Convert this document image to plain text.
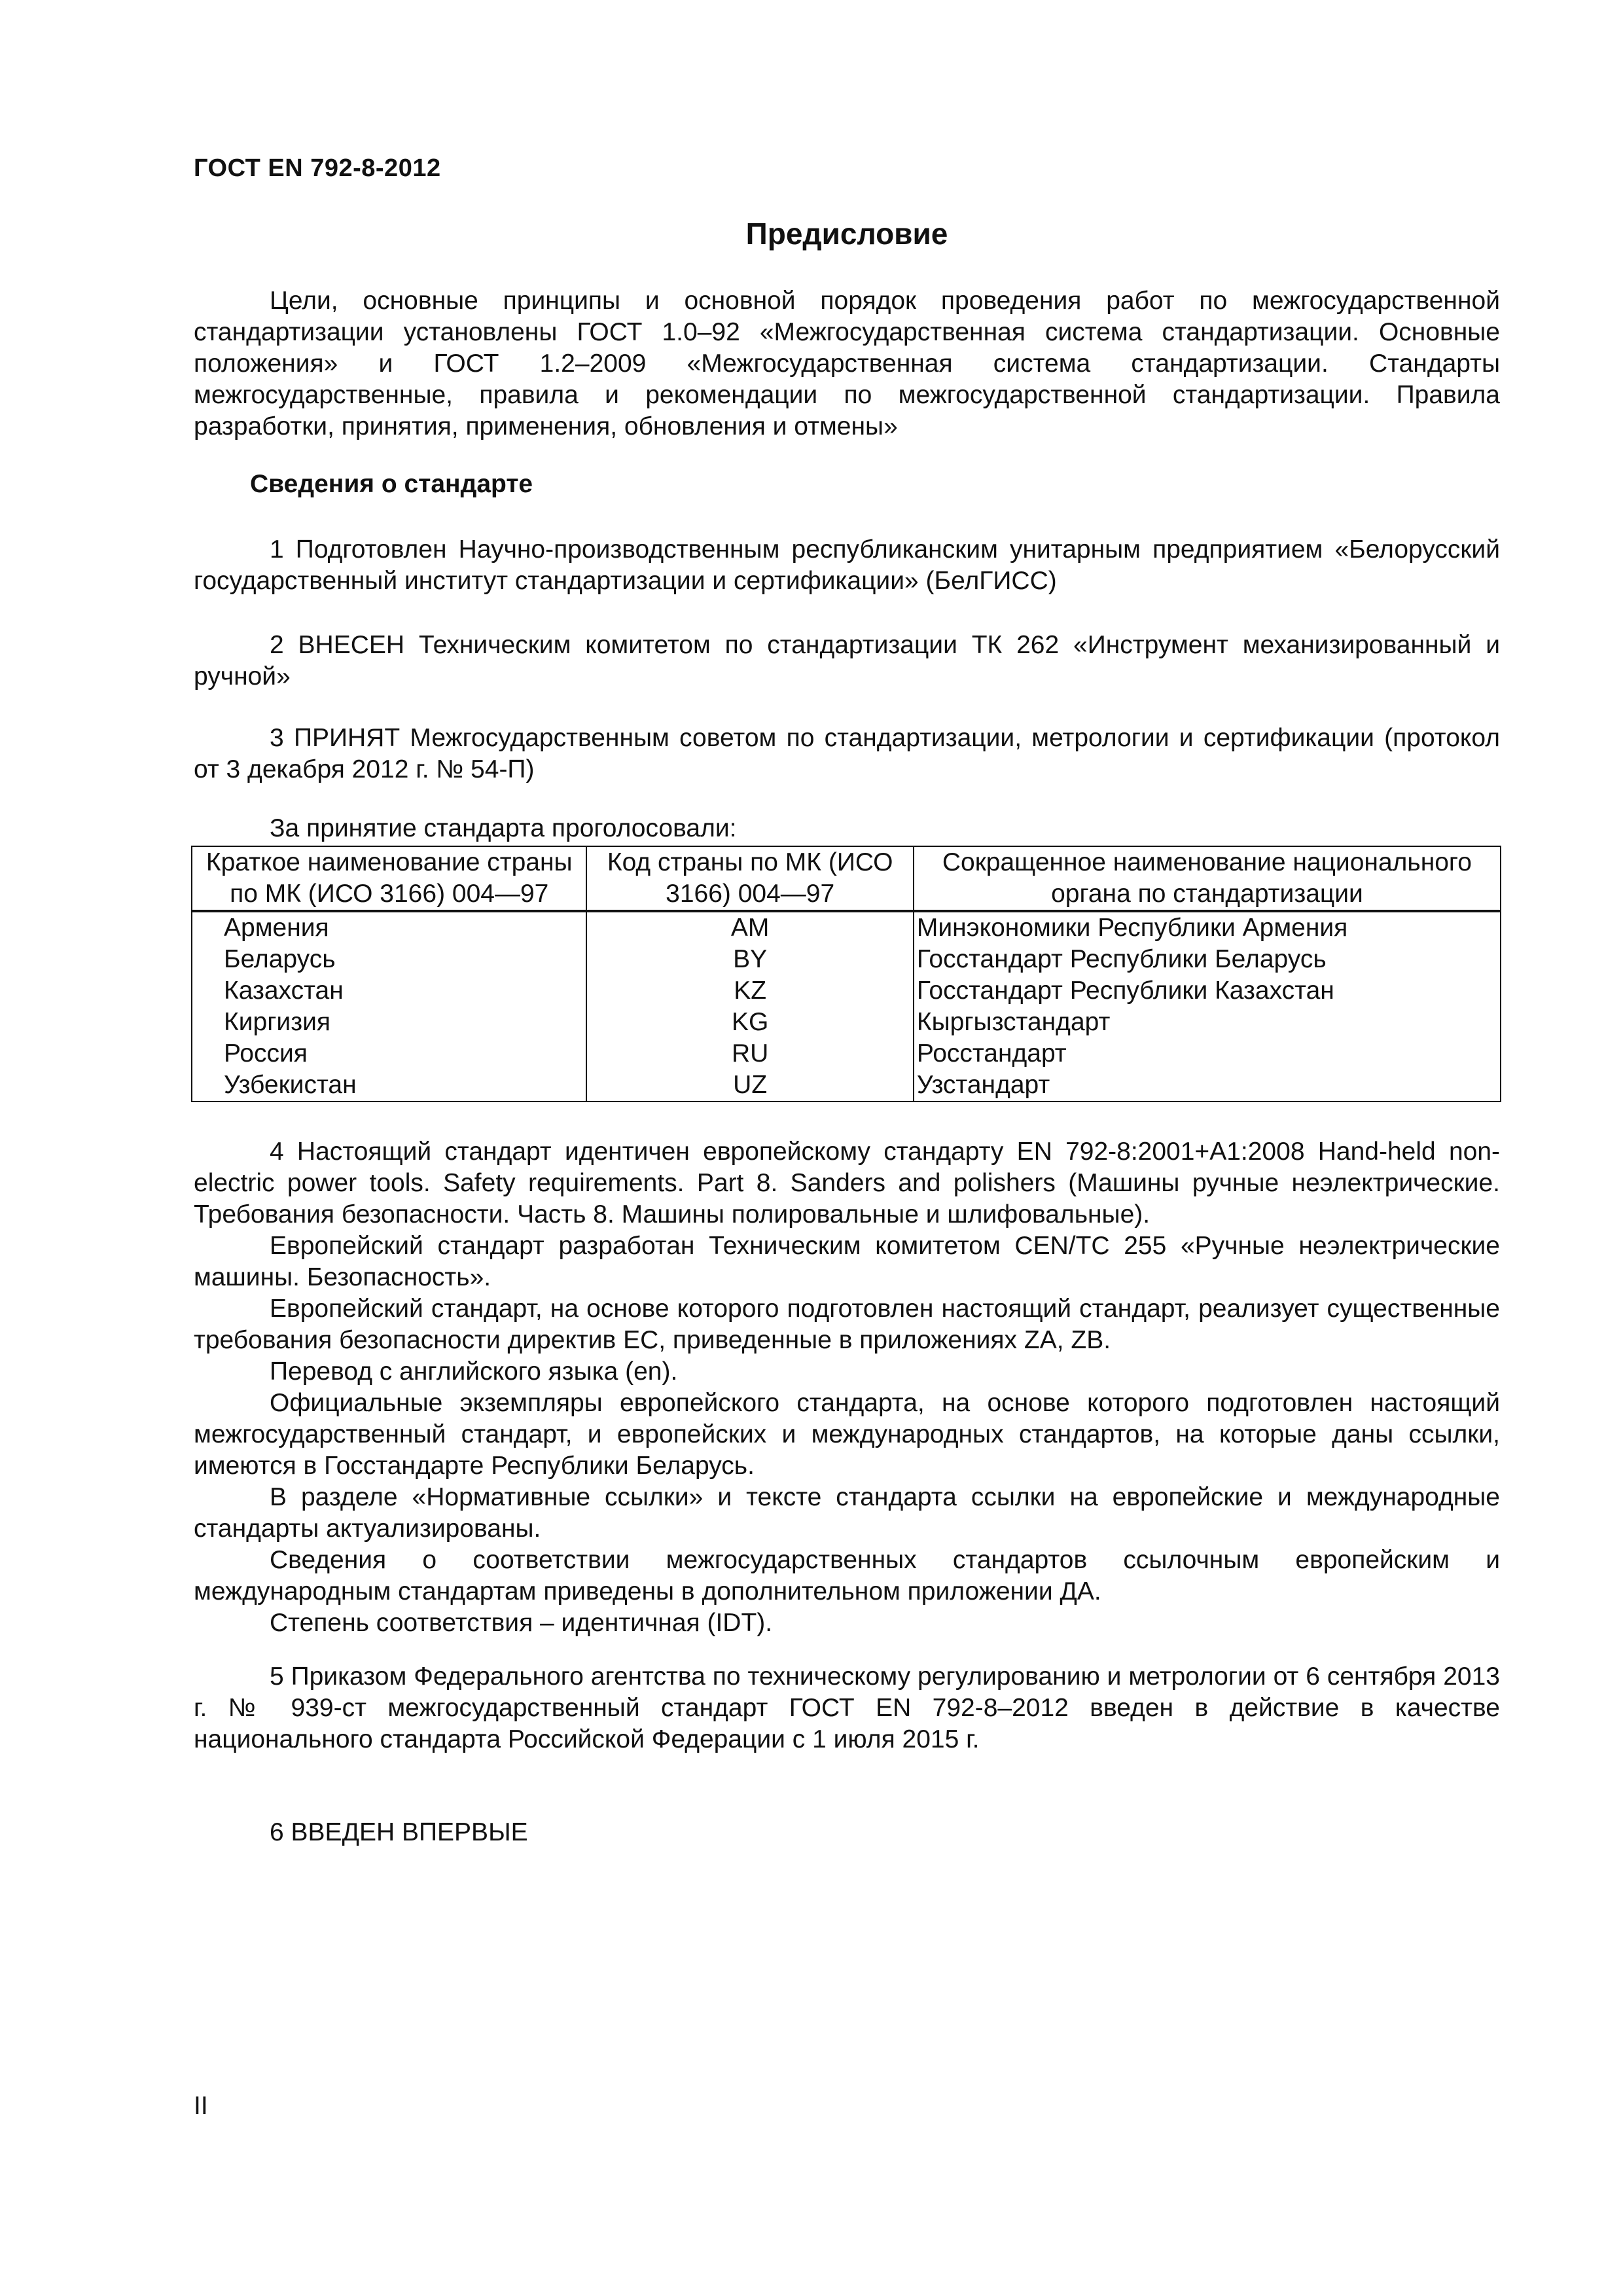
ГОСТ EN 792-8-2012
Предисловие

Цели, основные принципы и основной порядок проведения работ по межгосударственной стандартизации установлены ГОСТ 1.0–92 «Межгосударственная система стандартизации. Основные положения» и ГОСТ 1.2–2009 «Межгосударственная система стандартизации. Стандарты межгосударственные, правила и рекомендации по межгосударственной стандартизации. Правила разработки, принятия, применения, обновления и отмены»

Сведения о стандарте

1 Подготовлен Научно-производственным республиканским унитарным предприятием «Белорусский государственный институт стандартизации и сертификации» (БелГИСС)

2 ВНЕСЕН Техническим комитетом по стандартизации ТК 262 «Инструмент механизированный и ручной»

3 ПРИНЯТ Межгосударственным советом по стандартизации, метрологии и сертификации (протокол от 3 декабря 2012 г. № 54-П)

За принятие стандарта проголосовали:
Краткое наименование страны по МК (ИСО 3166) 004—97	Код страны по МК (ИСО 3166) 004—97	Сокращенное наименование национального органа по стандартизации
Армения	AM	Минэкономики Республики Армения
Беларусь	BY	Госстандарт Республики Беларусь
Казахстан	KZ	Госстандарт Республики Казахстан
Киргизия	KG	Кыргызстандарт
Россия	RU	Росстандарт
Узбекистан	UZ	Узстандарт

4 Настоящий стандарт идентичен европейскому стандарту EN 792-8:2001+A1:2008 Hand-held non-electric power tools. Safety requirements. Part 8. Sanders and polishers (Машины ручные неэлектрические. Требования безопасности. Часть 8. Машины полировальные и шлифовальные).

Европейский стандарт разработан Техническим комитетом CEN/TC 255 «Ручные неэлектрические машины. Безопасность».

Европейский стандарт, на основе которого подготовлен настоящий стандарт, реализует существенные требования безопасности директив ЕС, приведенные в приложениях ZA, ZB.

Перевод с английского языка (en).

Официальные экземпляры европейского стандарта, на основе которого подготовлен настоящий межгосударственный стандарт, и европейских и международных стандартов, на которые даны ссылки, имеются в Госстандарте Республики Беларусь.

В разделе «Нормативные ссылки» и тексте стандарта ссылки на европейские и международные стандарты актуализированы.

Сведения о соответствии межгосударственных стандартов ссылочным европейским и международным стандартам приведены в дополнительном приложении ДА.

Степень соответствия – идентичная (IDT).

5 Приказом Федерального агентства по техническому регулированию и метрологии от 6 сентября 2013 г. № 939-ст межгосударственный стандарт ГОСТ EN 792-8–2012 введен в действие в качестве национального стандарта Российской Федерации с 1 июля 2015 г.

6 ВВЕДЕН ВПЕРВЫЕ

II
